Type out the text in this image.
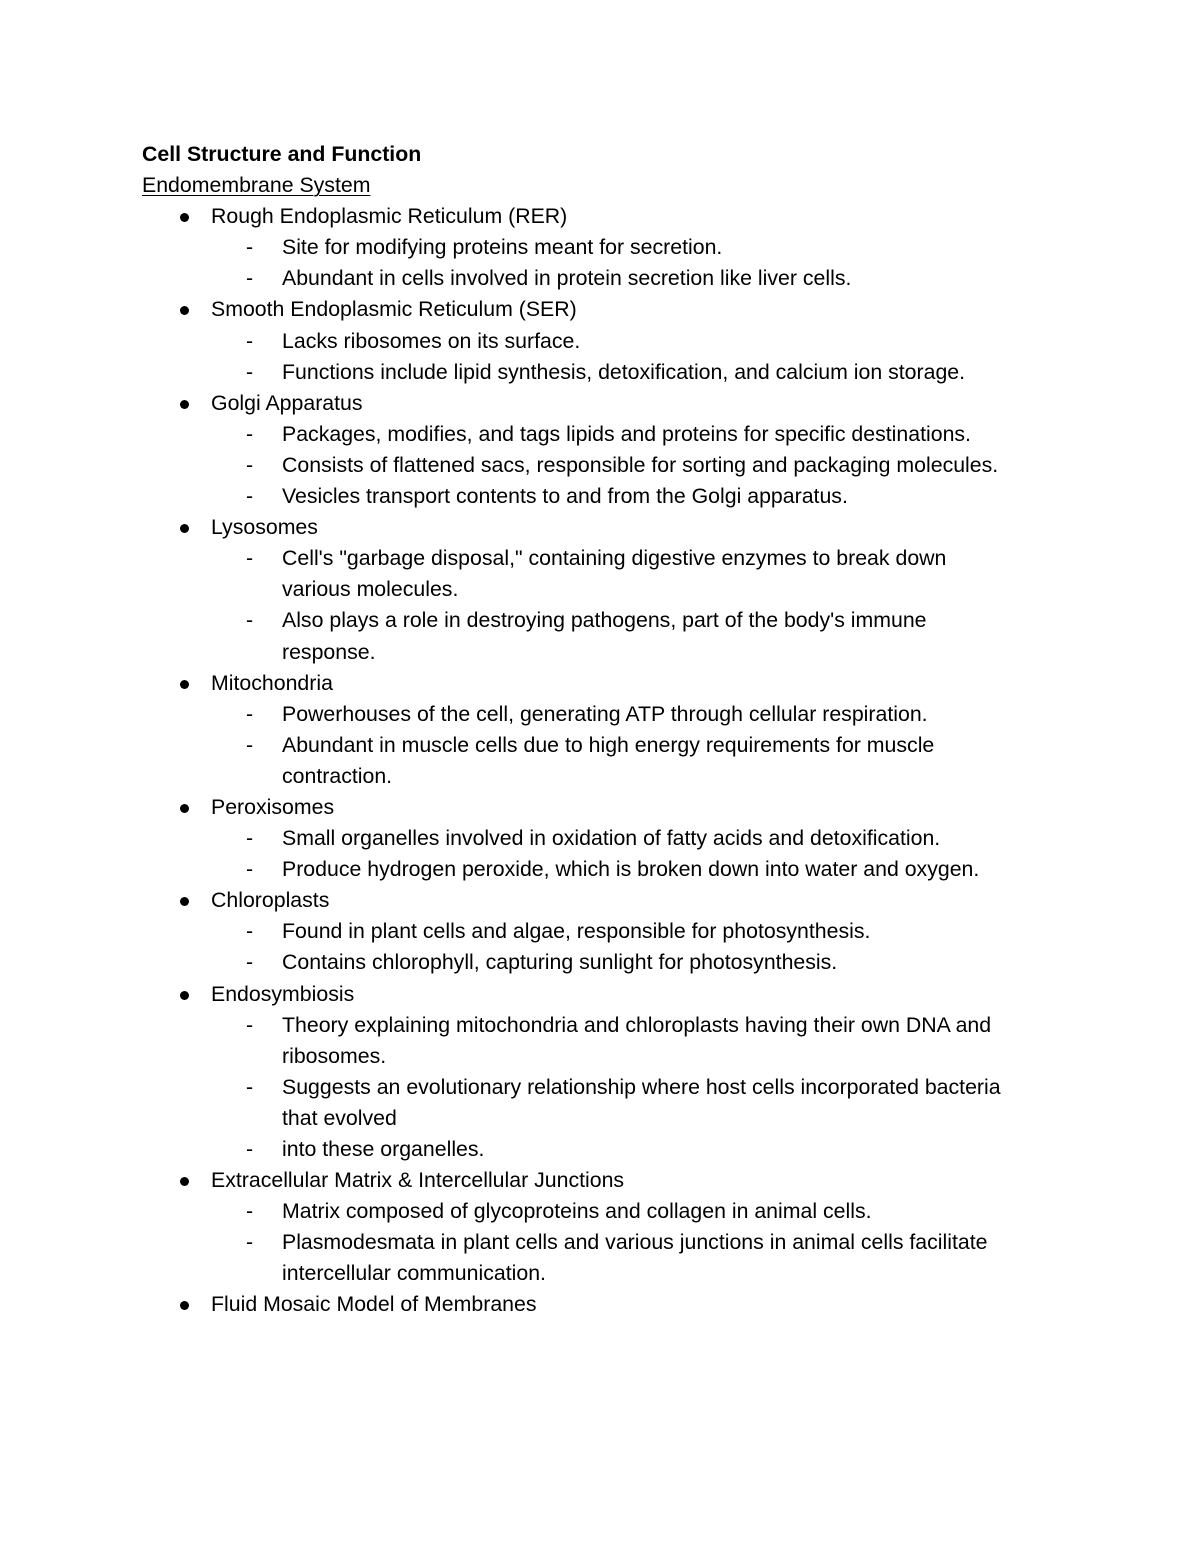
Cell Structure and Function

Endomembrane System

Rough Endoplasmic Reticulum (RER)
- Site for modifying proteins meant for secretion.
- Abundant in cells involved in protein secretion like liver cells.
Smooth Endoplasmic Reticulum (SER)
- Lacks ribosomes on its surface.
- Functions include lipid synthesis, detoxification, and calcium ion storage.
Golgi Apparatus
- Packages, modifies, and tags lipids and proteins for specific destinations.
- Consists of flattened sacs, responsible for sorting and packaging molecules.
- Vesicles transport contents to and from the Golgi apparatus.
Lysosomes
- Cell's "garbage disposal," containing digestive enzymes to break down various molecules.
- Also plays a role in destroying pathogens, part of the body's immune response.
Mitochondria
- Powerhouses of the cell, generating ATP through cellular respiration.
- Abundant in muscle cells due to high energy requirements for muscle contraction.
Peroxisomes
- Small organelles involved in oxidation of fatty acids and detoxification.
- Produce hydrogen peroxide, which is broken down into water and oxygen.
Chloroplasts
- Found in plant cells and algae, responsible for photosynthesis.
- Contains chlorophyll, capturing sunlight for photosynthesis.
Endosymbiosis
- Theory explaining mitochondria and chloroplasts having their own DNA and ribosomes.
- Suggests an evolutionary relationship where host cells incorporated bacteria that evolved
- into these organelles.
Extracellular Matrix & Intercellular Junctions
- Matrix composed of glycoproteins and collagen in animal cells.
- Plasmodesmata in plant cells and various junctions in animal cells facilitate intercellular communication.
Fluid Mosaic Model of Membranes
